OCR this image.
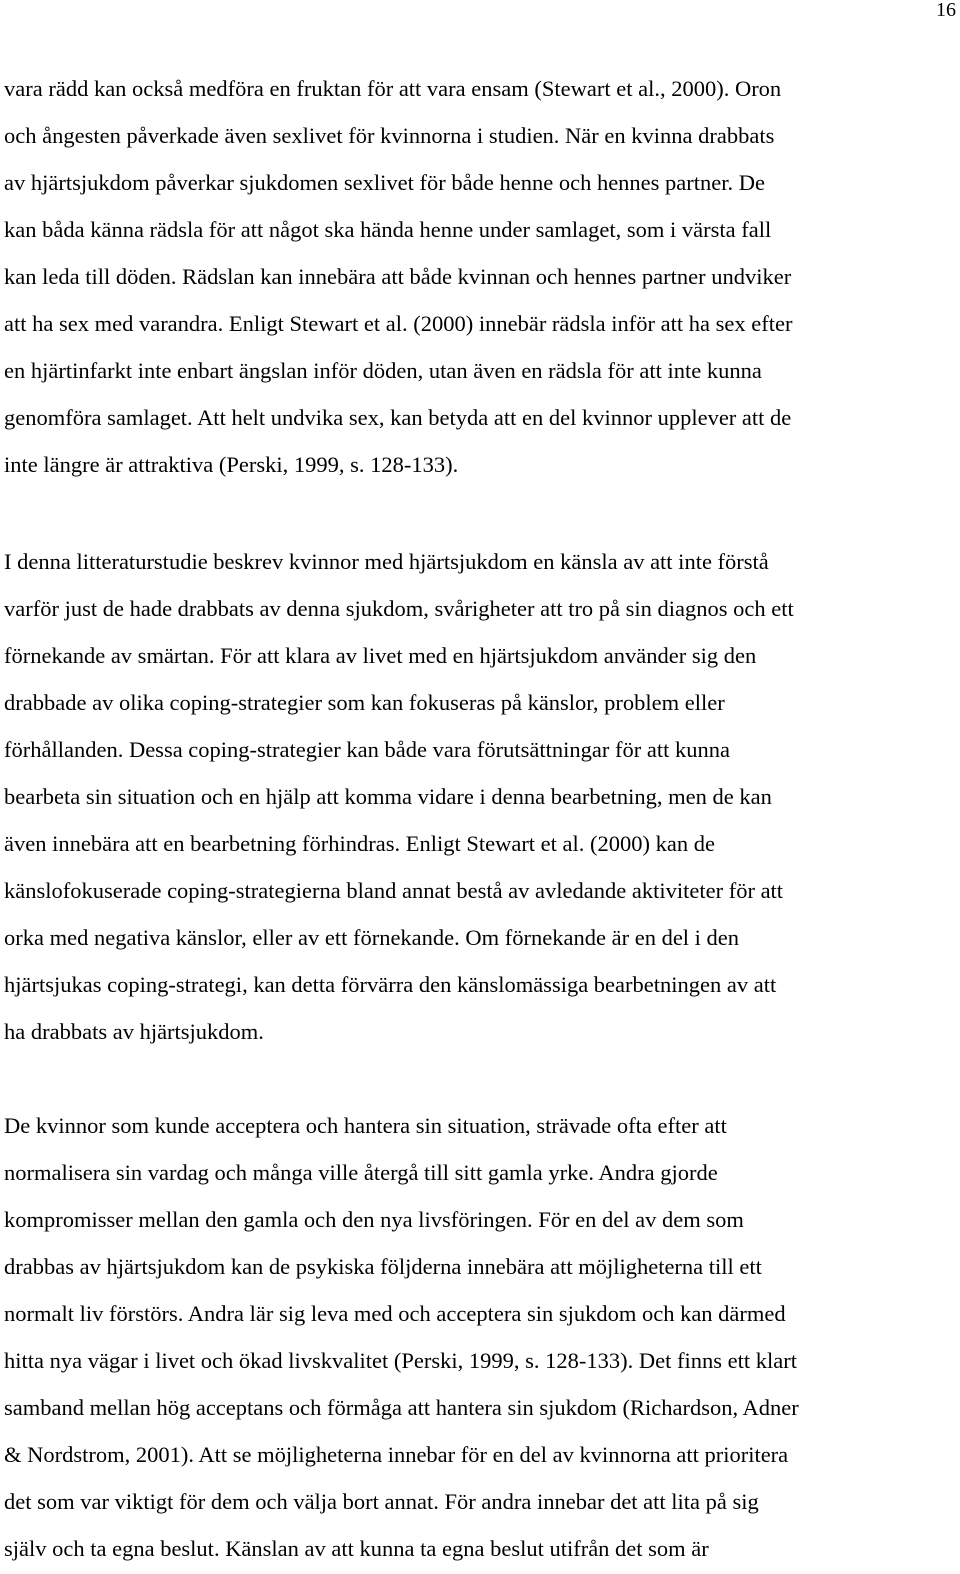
16
vara rädd kan också medföra en fruktan för att vara ensam (Stewart et al., 2000). Oron
och ångesten påverkade även sexlivet för kvinnorna i studien. När en kvinna drabbats
av hjärtsjukdom påverkar sjukdomen sexlivet för både henne och hennes partner. De
kan båda känna rädsla för att något ska hända henne under samlaget, som i värsta fall
kan leda till döden. Rädslan kan innebära att både kvinnan och hennes partner undviker
att ha sex med varandra. Enligt Stewart et al. (2000) innebär rädsla inför att ha sex efter
en hjärtinfarkt inte enbart ängslan inför döden, utan även en rädsla för att inte kunna
genomföra samlaget. Att helt undvika sex, kan betyda att en del kvinnor upplever att de
inte längre är attraktiva (Perski, 1999, s. 128-133).
I denna litteraturstudie beskrev kvinnor med hjärtsjukdom en känsla av att inte förstå
varför just de hade drabbats av denna sjukdom, svårigheter att tro på sin diagnos och ett
förnekande av smärtan. För att klara av livet med en hjärtsjukdom använder sig den
drabbade av olika coping-strategier som kan fokuseras på känslor, problem eller
förhållanden. Dessa coping-strategier kan både vara förutsättningar för att kunna
bearbeta sin situation och en hjälp att komma vidare i denna bearbetning, men de kan
även innebära att en bearbetning förhindras. Enligt Stewart et al. (2000) kan de
känslofokuserade coping-strategierna bland annat bestå av avledande aktiviteter för att
orka med negativa känslor, eller av ett förnekande. Om förnekande är en del i den
hjärtsjukas coping-strategi, kan detta förvärra den känslomässiga bearbetningen av att
ha drabbats av hjärtsjukdom.
De kvinnor som kunde acceptera och hantera sin situation, strävade ofta efter att
normalisera sin vardag och många ville återgå till sitt gamla yrke. Andra gjorde
kompromisser mellan den gamla och den nya livsföringen. För en del av dem som
drabbas av hjärtsjukdom kan de psykiska följderna innebära att möjligheterna till ett
normalt liv förstörs. Andra lär sig leva med och acceptera sin sjukdom och kan därmed
hitta nya vägar i livet och ökad livskvalitet (Perski, 1999, s. 128-133). Det finns ett klart
samband mellan hög acceptans och förmåga att hantera sin sjukdom (Richardson, Adner
& Nordstrom, 2001). Att se möjligheterna innebar för en del av kvinnorna att prioritera
det som var viktigt för dem och välja bort annat. För andra innebar det att lita på sig
själv och ta egna beslut. Känslan av att kunna ta egna beslut utifrån det som är
